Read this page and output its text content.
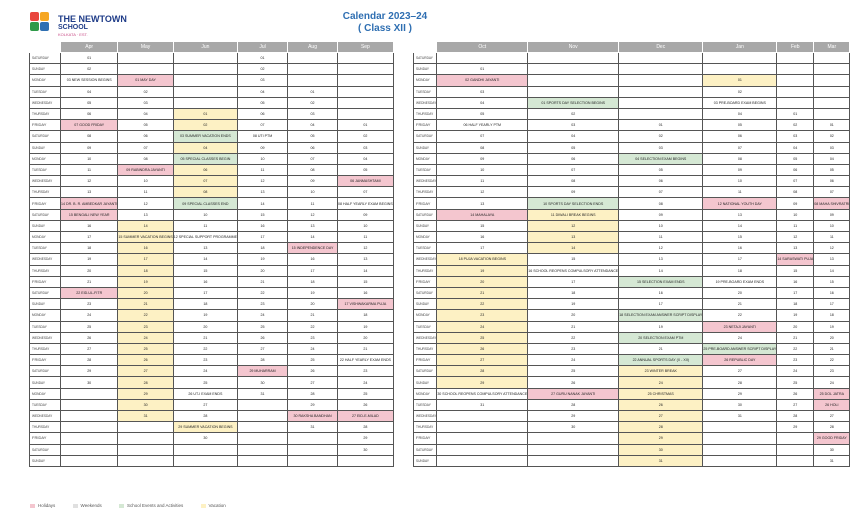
THE NEWTOWN
SCHOOL
KOLKATA · EST.
Calendar 2023–24
( Class XII )
	Apr	May	Jun	Jul	Aug	Sep
SATURDAY	01			01		
SUNDAY	02			02		
MONDAY	03 NEW SESSION BEGINS	01 MAY DAY		03		
TUESDAY	04	02		04	01	
WEDNESDAY	05	03		05	02	
THURSDAY	06	04	01	06	03	
FRIDAY	07 GOOD FRIDAY	05	02	07	04	01
SATURDAY	08	06	03 SUMMER VACATION ENDS	08 UTI PTM	05	02
SUNDAY	09	07	04	09	06	03
MONDAY	10	08	05 SPECIAL CLASSES BEGIN	10	07	04
TUESDAY	11	09 RABINDRA JAYANTI	06	11	08	05
WEDNESDAY	12	10	07	12	09	06 JANMASHTAMI
THURSDAY	13	11	08	13	10	07
FRIDAY	14 DR. B. R. AMBEDKAR JAYANTI	12	09 SPECIAL CLASSES END	14	11	08 HALF YEARLY EXAM BEGINS
SATURDAY	15 BENGALI NEW YEAR	13	10	15	12	09
SUNDAY	16	14	11	16	13	10
MONDAY	17	15 SUMMER VACATION BEGINS	12 SPECIAL SUPPORT PROGRAMME	17	14	11
TUESDAY	18	16	13	18	15 INDEPENDENCE DAY	12
WEDNESDAY	19	17	14	19	16	13
THURSDAY	20	18	15	20	17	14
FRIDAY	21	19	16	21	18	15
SATURDAY	22 EID-UL-FITR	20	17	22	19	16
SUNDAY	23	21	18	23	20	17 VISHWAKARMA PUJA
MONDAY	24	22	19	24	21	18
TUESDAY	25	23	20	25	22	19
WEDNESDAY	26	24	21	26	23	20
THURSDAY	27	25	22	27	24	21
FRIDAY	28	26	23	28	25	22 HALF YEARLY EXAM ENDS
SATURDAY	29	27	24	29 MUHARRAM	26	23
SUNDAY	30	28	25	30	27	24
MONDAY		29	26 UT-I EXAM ENDS	31	28	25
TUESDAY		30	27		29	26
WEDNESDAY		31	28		30 RAKSHA BANDHAN	27 EID-E-MILAD
THURSDAY			29 SUMMER VACATION BEGINS		31	28
FRIDAY			30			29
SATURDAY						30
SUNDAY						
	Oct	Nov	Dec	Jan	Feb	Mar
SATURDAY						
SUNDAY	01					
MONDAY	02 GANDHI JAYANTI			01		
TUESDAY	03			02		
WEDNESDAY	04	01 SPORTS DAY SELECTION BEGINS		03 PRE-BOARD EXAM BEGINS		
THURSDAY	05	02		04	01	
FRIDAY	06 HALF YEARLY PTM	03	01	05	02	01
SATURDAY	07	04	02	06	03	02
SUNDAY	08	05	03	07	04	03
MONDAY	09	06	04 SELECTION EXAM BEGINS	08	05	04
TUESDAY	10	07	05	09	06	05
WEDNESDAY	11	08	06	10	07	06
THURSDAY	12	09	07	11	08	07
FRIDAY	13	10 SPORTS DAY SELECTION ENDS	08	12 NATIONAL YOUTH DAY	09	08 MAHA SHIVRATRI
SATURDAY	14 MAHALAYA	11 DIWALI BREAK BEGINS	09	13	10	09
SUNDAY	15	12	10	14	11	10
MONDAY	16	13	11	15	12	11
TUESDAY	17	14	12	16	13	12
WEDNESDAY	18 PUJA VACATION BEGINS	15	13	17	14 SARASWATI PUJA	13
THURSDAY	19	16 SCHOOL REOPENS COMPULSORY ATTENDANCE	14	18	15	14
FRIDAY	20	17	15 SELECTION EXAM ENDS	19 PRE-BOARD EXAM ENDS	16	15
SATURDAY	21	18	16	20	17	16
SUNDAY	22	19	17	21	18	17
MONDAY	23	20	18 SELECTION EXAM ANSWER SCRIPT DISPLAY	22	19	18
TUESDAY	24	21	19	23 NETAJI JAYANTI	20	19
WEDNESDAY	25	22	20 SELECTION EXAM PTM	24	21	20
THURSDAY	26	23	21	25 PRE-BOARD ANSWER SCRIPT DISPLAY	22	21
FRIDAY	27	24	22 ANNUAL SPORTS DAY (X - XII)	26 REPUBLIC DAY	23	22
SATURDAY	28	25	23 WINTER BREAK	27	24	23
SUNDAY	29	26	24	28	25	24
MONDAY	30 SCHOOL REOPENS COMPULSORY ATTENDANCE	27 GURU NANAK JAYANTI	25 CHRISTMAS	29	26	25 DOL JATRA
TUESDAY	31	28	26	30	27	26 HOLI
WEDNESDAY		29	27	31	28	27
THURSDAY		30	28		29	28
FRIDAY			29			29 GOOD FRIDAY
SATURDAY			30			30
SUNDAY			31			31
Holidays	Weekends	School Events and Activities	Vacation
